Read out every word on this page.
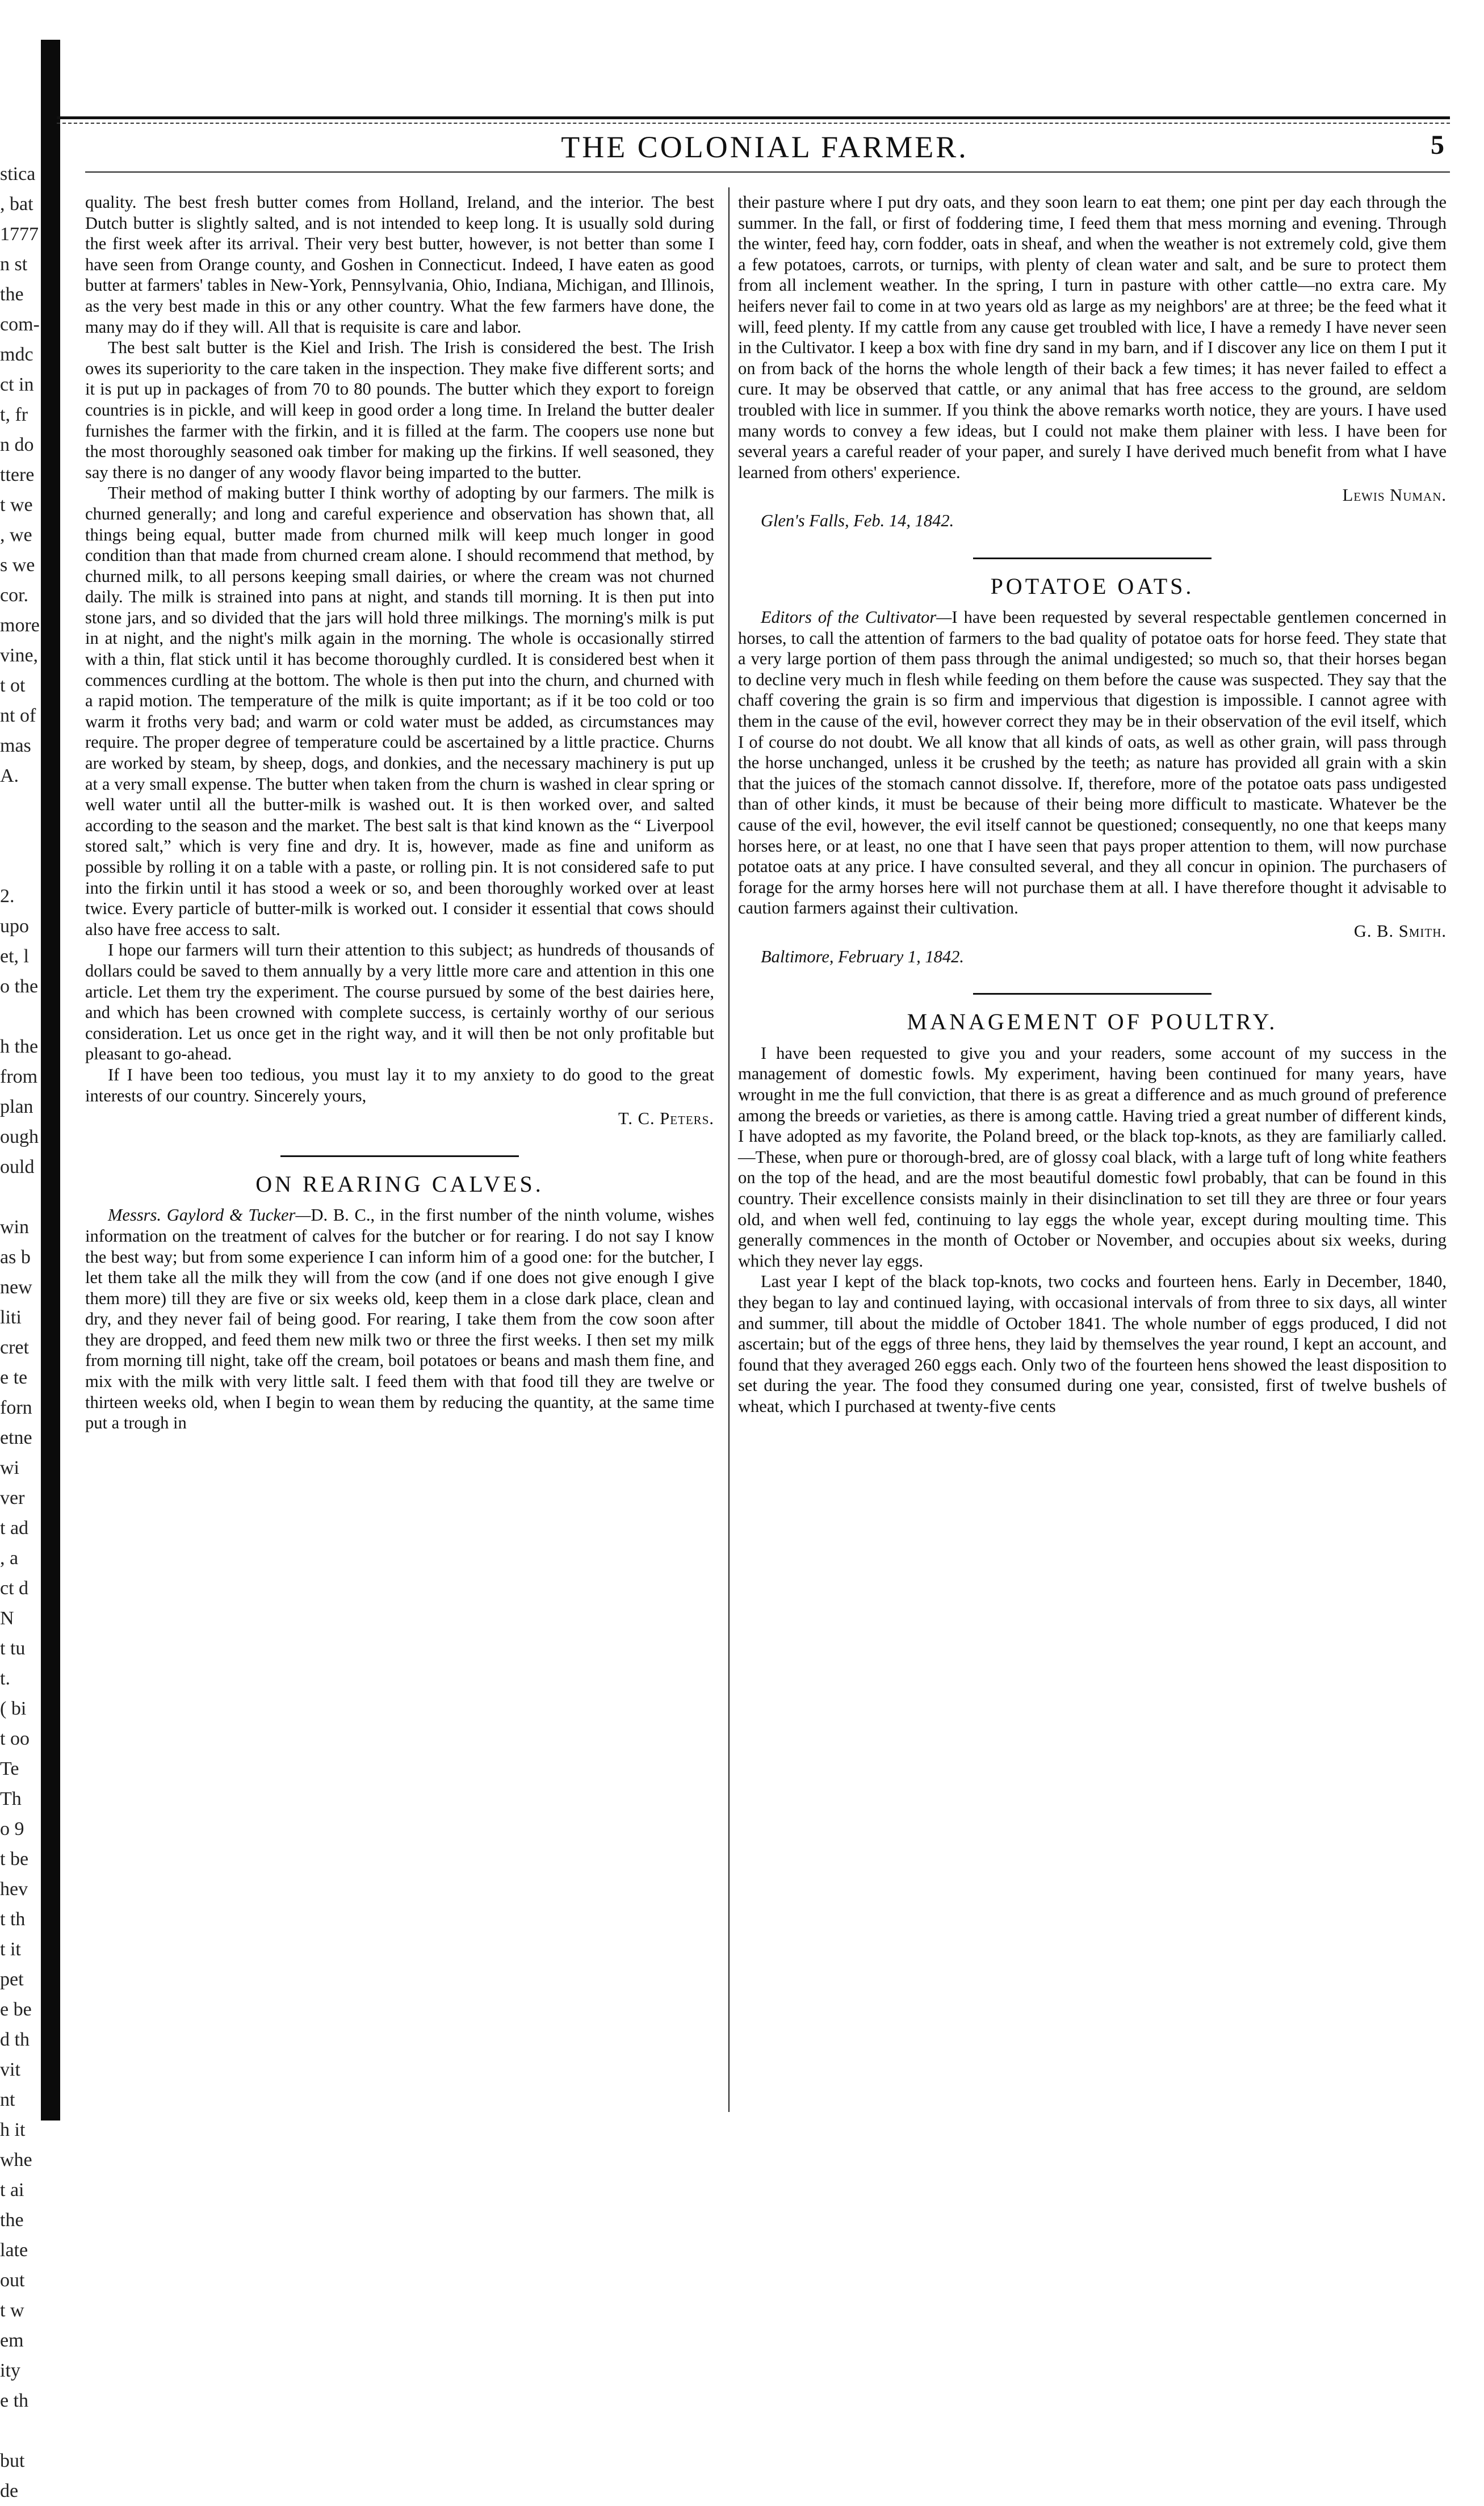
stica
, bat
1777
n st
the
com-
mdc
ct in
t, fr
n do
ttere
t we
, we
s we
cor.
more
vine,
t ot
nt of
mas
A.

2.
upo
et, l
o the

h the
from
plan
ough
ould

win
as b
new
liti
cret
e te
forn
etne
wi
ver
t ad
, a
ct d
N
t tu
t.
( bi
t oo
Te
Th
o 9
t be
hev
t th
t it
pet
e be
d th
vit
nt
h it
whe
t ai
the
late
out
t w
em
ity
e th

but
de
THE COLONIAL FARMER.	5

quality. The best fresh butter comes from Holland, Ireland, and the interior. The best Dutch butter is slightly salted, and is not intended to keep long. It is usually sold during the first week after its arrival. Their very best butter, however, is not better than some I have seen from Orange county, and Goshen in Connecticut. Indeed, I have eaten as good butter at farmers' tables in New-York, Pennsylvania, Ohio, Indiana, Michigan, and Illinois, as the very best made in this or any other country. What the few farmers have done, the many may do if they will. All that is requisite is care and labor.

The best salt butter is the Kiel and Irish. The Irish is considered the best. The Irish owes its superiority to the care taken in the inspection. They make five different sorts; and it is put up in packages of from 70 to 80 pounds. The butter which they export to foreign countries is in pickle, and will keep in good order a long time. In Ireland the butter dealer furnishes the farmer with the firkin, and it is filled at the farm. The coopers use none but the most thoroughly seasoned oak timber for making up the firkins. If well seasoned, they say there is no danger of any woody flavor being imparted to the butter.

Their method of making butter I think worthy of adopting by our farmers. The milk is churned generally; and long and careful experience and observation has shown that, all things being equal, butter made from churned milk will keep much longer in good condition than that made from churned cream alone. I should recommend that method, by churned milk, to all persons keeping small dairies, or where the cream was not churned daily. The milk is strained into pans at night, and stands till morning. It is then put into stone jars, and so divided that the jars will hold three milkings. The morning's milk is put in at night, and the night's milk again in the morning. The whole is occasionally stirred with a thin, flat stick until it has become thoroughly curdled. It is considered best when it commences curdling at the bottom. The whole is then put into the churn, and churned with a rapid motion. The temperature of the milk is quite important; as if it be too cold or too warm it froths very bad; and warm or cold water must be added, as circumstances may require. The proper degree of temperature could be ascertained by a little practice. Churns are worked by steam, by sheep, dogs, and donkies, and the necessary machinery is put up at a very small expense. The butter when taken from the churn is washed in clear spring or well water until all the butter-milk is washed out. It is then worked over, and salted according to the season and the market. The best salt is that kind known as the “ Liverpool stored salt,” which is very fine and dry. It is, however, made as fine and uniform as possible by rolling it on a table with a paste, or rolling pin. It is not considered safe to put into the firkin until it has stood a week or so, and been thoroughly worked over at least twice. Every particle of butter-milk is worked out. I consider it essential that cows should also have free access to salt.

I hope our farmers will turn their attention to this subject; as hundreds of thousands of dollars could be saved to them annually by a very little more care and attention in this one article. Let them try the experiment. The course pursued by some of the best dairies here, and which has been crowned with complete success, is certainly worthy of our serious consideration. Let us once get in the right way, and it will then be not only profitable but pleasant to go-ahead.

If I have been too tedious, you must lay it to my anxiety to do good to the great interests of our country. Sincerely yours,

T. C. Peters.
ON REARING CALVES.

Messrs. Gaylord & Tucker—D. B. C., in the first number of the ninth volume, wishes information on the treatment of calves for the butcher or for rearing. I do not say I know the best way; but from some experience I can inform him of a good one: for the butcher, I let them take all the milk they will from the cow (and if one does not give enough I give them more) till they are five or six weeks old, keep them in a close dark place, clean and dry, and they never fail of being good. For rearing, I take them from the cow soon after they are dropped, and feed them new milk two or three the first weeks. I then set my milk from morning till night, take off the cream, boil potatoes or beans and mash them fine, and mix with the milk with very little salt. I feed them with that food till they are twelve or thirteen weeks old, when I begin to wean them by reducing the quantity, at the same time put a trough in

their pasture where I put dry oats, and they soon learn to eat them; one pint per day each through the summer. In the fall, or first of foddering time, I feed them that mess morning and evening. Through the winter, feed hay, corn fodder, oats in sheaf, and when the weather is not extremely cold, give them a few potatoes, carrots, or turnips, with plenty of clean water and salt, and be sure to protect them from all inclement weather. In the spring, I turn in pasture with other cattle—no extra care. My heifers never fail to come in at two years old as large as my neighbors' are at three; be the feed what it will, feed plenty. If my cattle from any cause get troubled with lice, I have a remedy I have never seen in the Cultivator. I keep a box with fine dry sand in my barn, and if I discover any lice on them I put it on from back of the horns the whole length of their back a few times; it has never failed to effect a cure. It may be observed that cattle, or any animal that has free access to the ground, are seldom troubled with lice in summer. If you think the above remarks worth notice, they are yours. I have used many words to convey a few ideas, but I could not make them plainer with less. I have been for several years a careful reader of your paper, and surely I have derived much benefit from what I have learned from others' experience.

Lewis Numan.
Glen's Falls, Feb. 14, 1842.
POTATOE OATS.

Editors of the Cultivator—I have been requested by several respectable gentlemen concerned in horses, to call the attention of farmers to the bad quality of potatoe oats for horse feed. They state that a very large portion of them pass through the animal undigested; so much so, that their horses began to decline very much in flesh while feeding on them before the cause was suspected. They say that the chaff covering the grain is so firm and impervious that digestion is impossible. I cannot agree with them in the cause of the evil, however correct they may be in their observation of the evil itself, which I of course do not doubt. We all know that all kinds of oats, as well as other grain, will pass through the horse unchanged, unless it be crushed by the teeth; as nature has provided all grain with a skin that the juices of the stomach cannot dissolve. If, therefore, more of the potatoe oats pass undigested than of other kinds, it must be because of their being more difficult to masticate. Whatever be the cause of the evil, however, the evil itself cannot be questioned; consequently, no one that keeps many horses here, or at least, no one that I have seen that pays proper attention to them, will now purchase potatoe oats at any price. I have consulted several, and they all concur in opinion. The purchasers of forage for the army horses here will not purchase them at all. I have therefore thought it advisable to caution farmers against their cultivation.

G. B. Smith.
Baltimore, February 1, 1842.
MANAGEMENT OF POULTRY.

I have been requested to give you and your readers, some account of my success in the management of domestic fowls. My experiment, having been continued for many years, have wrought in me the full conviction, that there is as great a difference and as much ground of preference among the breeds or varieties, as there is among cattle. Having tried a great number of different kinds, I have adopted as my favorite, the Poland breed, or the black top-knots, as they are familiarly called.—These, when pure or thorough-bred, are of glossy coal black, with a large tuft of long white feathers on the top of the head, and are the most beautiful domestic fowl probably, that can be found in this country. Their excellence consists mainly in their disinclination to set till they are three or four years old, and when well fed, continuing to lay eggs the whole year, except during moulting time. This generally commences in the month of October or November, and occupies about six weeks, during which they never lay eggs.

Last year I kept of the black top-knots, two cocks and fourteen hens. Early in December, 1840, they began to lay and continued laying, with occasional intervals of from three to six days, all winter and summer, till about the middle of October 1841. The whole number of eggs produced, I did not ascertain; but of the eggs of three hens, they laid by themselves the year round, I kept an account, and found that they averaged 260 eggs each. Only two of the fourteen hens showed the least disposition to set during the year. The food they consumed during one year, consisted, first of twelve bushels of wheat, which I purchased at twenty-five cents
